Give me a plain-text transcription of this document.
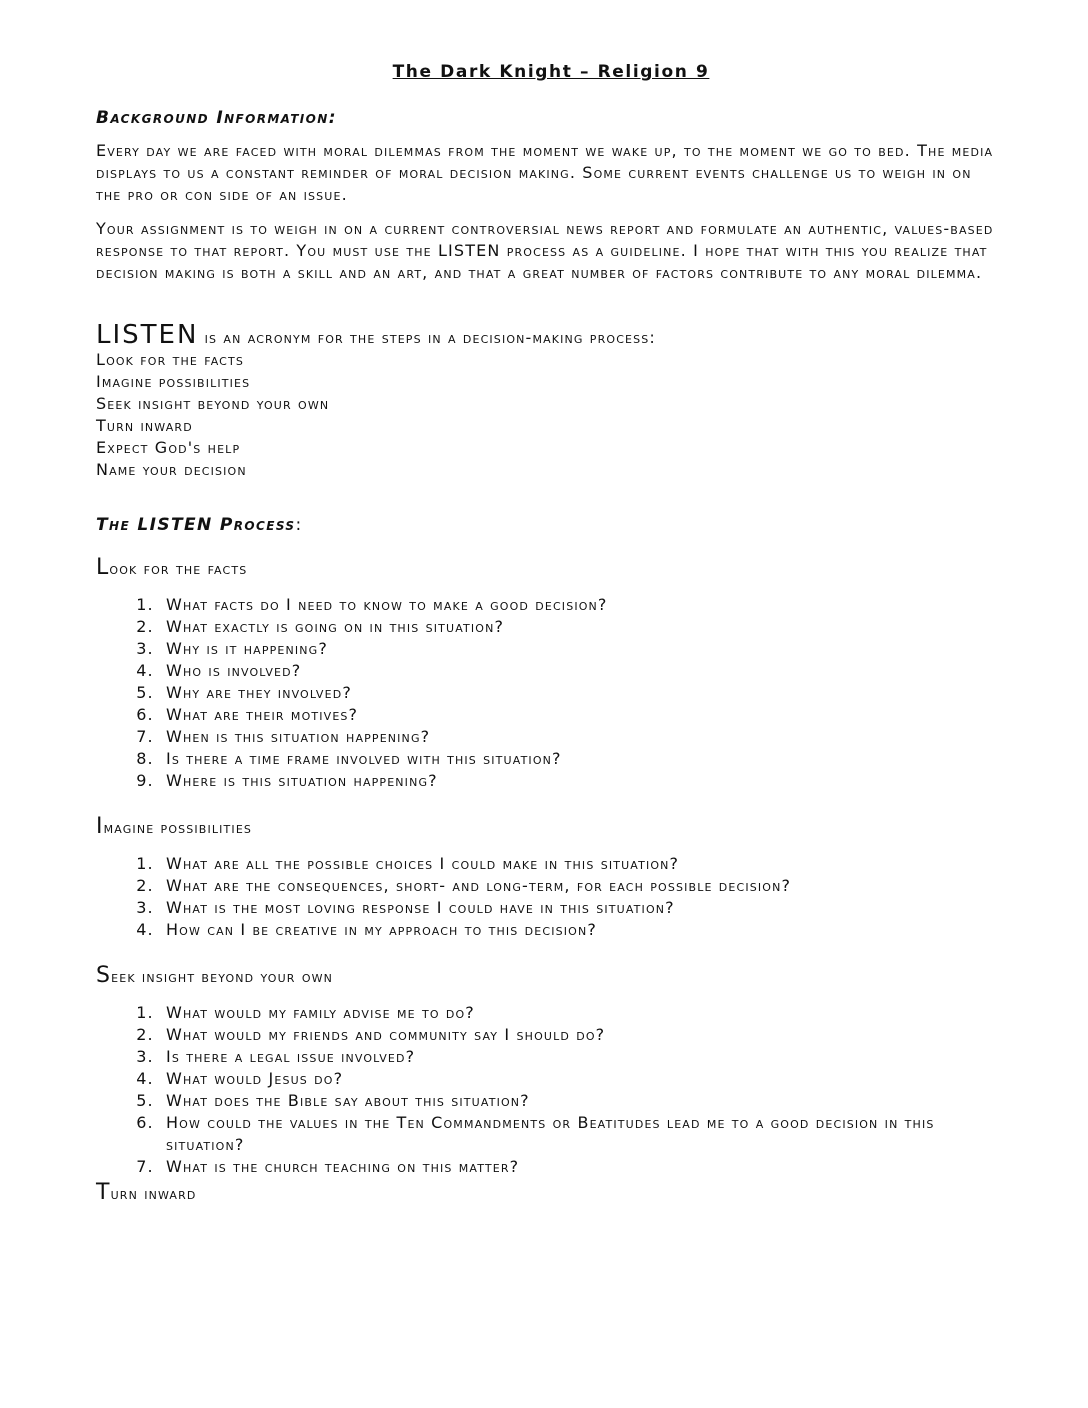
The Dark Knight – Religion 9
Background Information:

Every day we are faced with moral dilemmas from the moment we wake up, to the moment we go to bed. The media displays to us a constant reminder of moral decision making. Some current events challenge us to weigh in on the pro or con side of an issue.

Your assignment is to weigh in on a current controversial news report and formulate an authentic, values-based response to that report. You must use the LISTEN process as a guideline. I hope that with this you realize that decision making is both a skill and an art, and that a great number of factors contribute to any moral dilemma.

LISTEN is an acronym for the steps in a decision-making process:
Look for the facts
Imagine possibilities
Seek insight beyond your own
Turn inward
Expect God's help
Name your decision
The LISTEN Process:
Look for the facts
1. What facts do I need to know to make a good decision?
2. What exactly is going on in this situation?
3. Why is it happening?
4. Who is involved?
5. Why are they involved?
6. What are their motives?
7. When is this situation happening?
8. Is there a time frame involved with this situation?
9. Where is this situation happening?
Imagine possibilities
1. What are all the possible choices I could make in this situation?
2. What are the consequences, short- and long-term, for each possible decision?
3. What is the most loving response I could have in this situation?
4. How can I be creative in my approach to this decision?
Seek insight beyond your own
1. What would my family advise me to do?
2. What would my friends and community say I should do?
3. Is there a legal issue involved?
4. What would Jesus do?
5. What does the Bible say about this situation?
6. How could the values in the Ten Commandments or Beatitudes lead me to a good decision in this situation?
7. What is the church teaching on this matter?
Turn inward
